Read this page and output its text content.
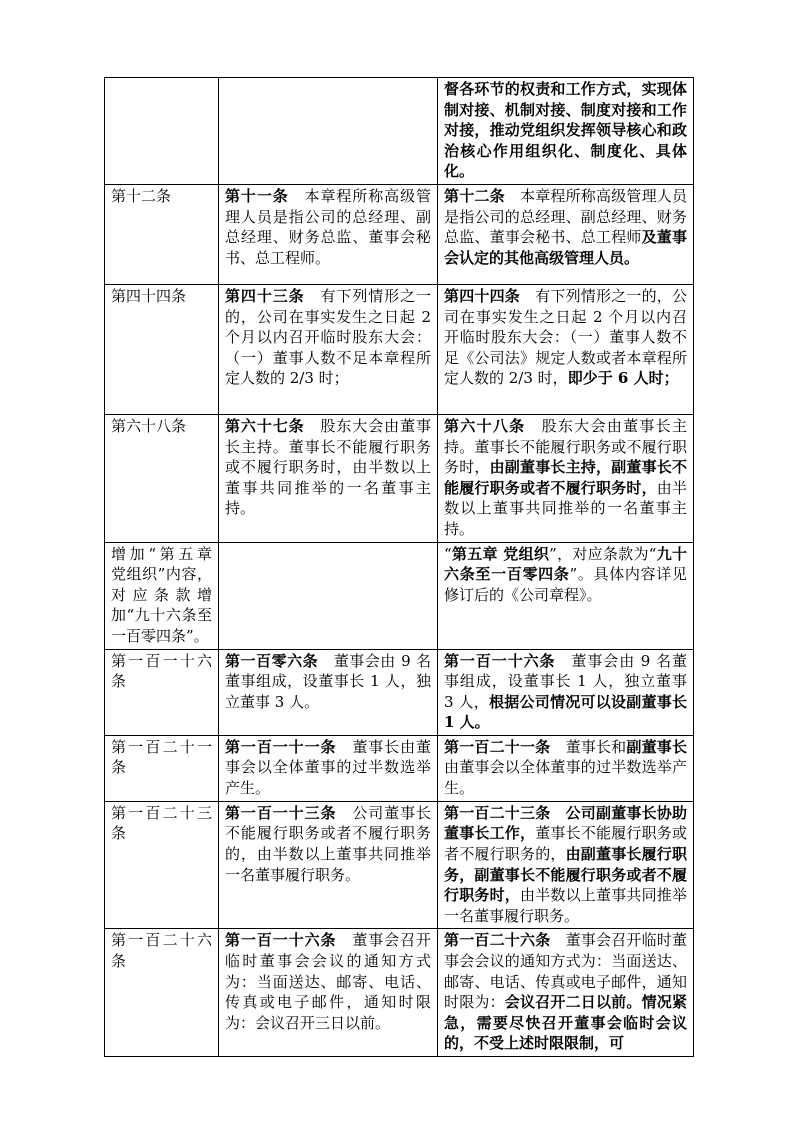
		督各环节的权责和工作方式，实现体制对接、机制对接、制度对接和工作对接，推动党组织发挥领导核心和政治核心作用组织化、制度化、具体化。
第十二条	第十一条　本章程所称高级管理人员是指公司的总经理、副总经理、财务总监、董事会秘书、总工程师。	第十二条　本章程所称高级管理人员是指公司的总经理、副总经理、财务总监、董事会秘书、总工程师及董事会认定的其他高级管理人员。
第四十四条	第四十三条　有下列情形之一的，公司在事实发生之日起 2 个月以内召开临时股东大会：（一）董事人数不足本章程所定人数的 2/3 时；	第四十四条　有下列情形之一的，公司在事实发生之日起 2 个月以内召开临时股东大会：（一）董事人数不足《公司法》规定人数或者本章程所定人数的 2/3 时，即少于 6 人时；
第六十八条	第六十七条　股东大会由董事长主持。董事长不能履行职务或不履行职务时，由半数以上董事共同推举的一名董事主持。	第六十八条　股东大会由董事长主持。董事长不能履行职务或不履行职务时，由副董事长主持，副董事长不能履行职务或者不履行职务时，由半数以上董事共同推举的一名董事主持。
增加“第五章 党组织”内容，对应条款增加“九十六条至一百零四条”。		“第五章 党组织”，对应条款为“九十六条至一百零四条”。具体内容详见修订后的《公司章程》。
第一百一十六条	第一百零六条　董事会由 9 名董事组成，设董事长 1 人，独立董事 3 人。	第一百一十六条　董事会由 9 名董事组成，设董事长 1 人，独立董事 3 人，根据公司情况可以设副董事长 1 人。
第一百二十一条	第一百一十一条　董事长由董事会以全体董事的过半数选举产生。	第一百二十一条　董事长和副董事长由董事会以全体董事的过半数选举产生。
第一百二十三条	第一百一十三条　公司董事长不能履行职务或者不履行职务的，由半数以上董事共同推举一名董事履行职务。	第一百二十三条　公司副董事长协助董事长工作，董事长不能履行职务或者不履行职务的，由副董事长履行职务，副董事长不能履行职务或者不履行职务时，由半数以上董事共同推举一名董事履行职务。
第一百二十六条	第一百一十六条　董事会召开临时董事会会议的通知方式为：当面送达、邮寄、电话、传真或电子邮件，通知时限为：会议召开三日以前。	第一百二十六条　董事会召开临时董事会会议的通知方式为：当面送达、邮寄、电话、传真或电子邮件，通知时限为：会议召开二日以前。情况紧急，需要尽快召开董事会临时会议的，不受上述时限限制，可
